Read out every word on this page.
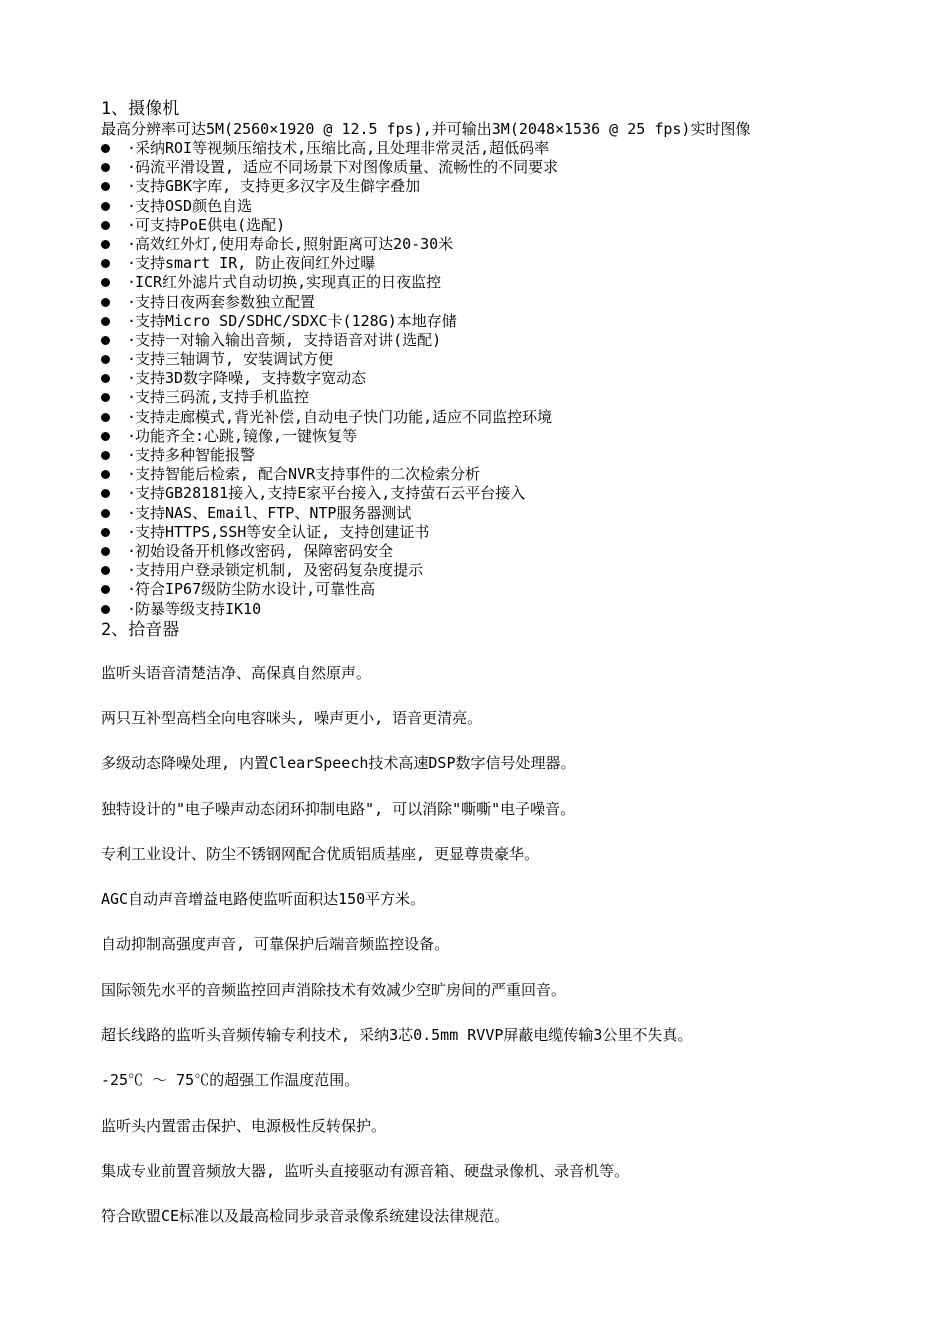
1、摄像机

最高分辨率可达5M(2560×1920 @ 12.5 fps),并可输出3M(2048×1536 @ 25 fps)实时图像

·采纳ROI等视频压缩技术,压缩比高,且处理非常灵活,超低码率
·码流平滑设置, 适应不同场景下对图像质量、流畅性的不同要求
·支持GBK字库, 支持更多汉字及生僻字叠加
·支持OSD颜色自选
·可支持PoE供电(选配)
·高效红外灯,使用寿命长,照射距离可达20-30米
·支持smart IR, 防止夜间红外过曝
·ICR红外滤片式自动切换,实现真正的日夜监控
·支持日夜两套参数独立配置
·支持Micro SD/SDHC/SDXC卡(128G)本地存储
·支持一对输入输出音频, 支持语音对讲(选配)
·支持三轴调节, 安装调试方便
·支持3D数字降噪, 支持数字宽动态
·支持三码流,支持手机监控
·支持走廊模式,背光补偿,自动电子快门功能,适应不同监控环境
·功能齐全:心跳,镜像,一键恢复等
·支持多种智能报警
·支持智能后检索, 配合NVR支持事件的二次检索分析
·支持GB28181接入,支持E家平台接入,支持萤石云平台接入
·支持NAS、Email、FTP、NTP服务器测试
·支持HTTPS,SSH等安全认证, 支持创建证书
·初始设备开机修改密码, 保障密码安全
·支持用户登录锁定机制, 及密码复杂度提示
·符合IP67级防尘防水设计,可靠性高
·防暴等级支持IK10

2、拾音器

监听头语音清楚洁净、高保真自然原声。

两只互补型高档全向电容咪头, 噪声更小, 语音更清亮。

多级动态降噪处理, 内置ClearSpeech技术高速DSP数字信号处理器。

独特设计的"电子噪声动态闭环抑制电路", 可以消除"嘶嘶"电子噪音。

专利工业设计、防尘不锈钢网配合优质铝质基座, 更显尊贵豪华。

AGC自动声音增益电路使监听面积达150平方米。

自动抑制高强度声音, 可靠保护后端音频监控设备。

国际领先水平的音频监控回声消除技术有效减少空旷房间的严重回音。

超长线路的监听头音频传输专利技术, 采纳3芯0.5mm RVVP屏蔽电缆传输3公里不失真。

-25℃ ～ 75℃的超强工作温度范围。

监听头内置雷击保护、电源极性反转保护。

集成专业前置音频放大器, 监听头直接驱动有源音箱、硬盘录像机、录音机等。

符合欧盟CE标准以及最高检同步录音录像系统建设法律规范。
